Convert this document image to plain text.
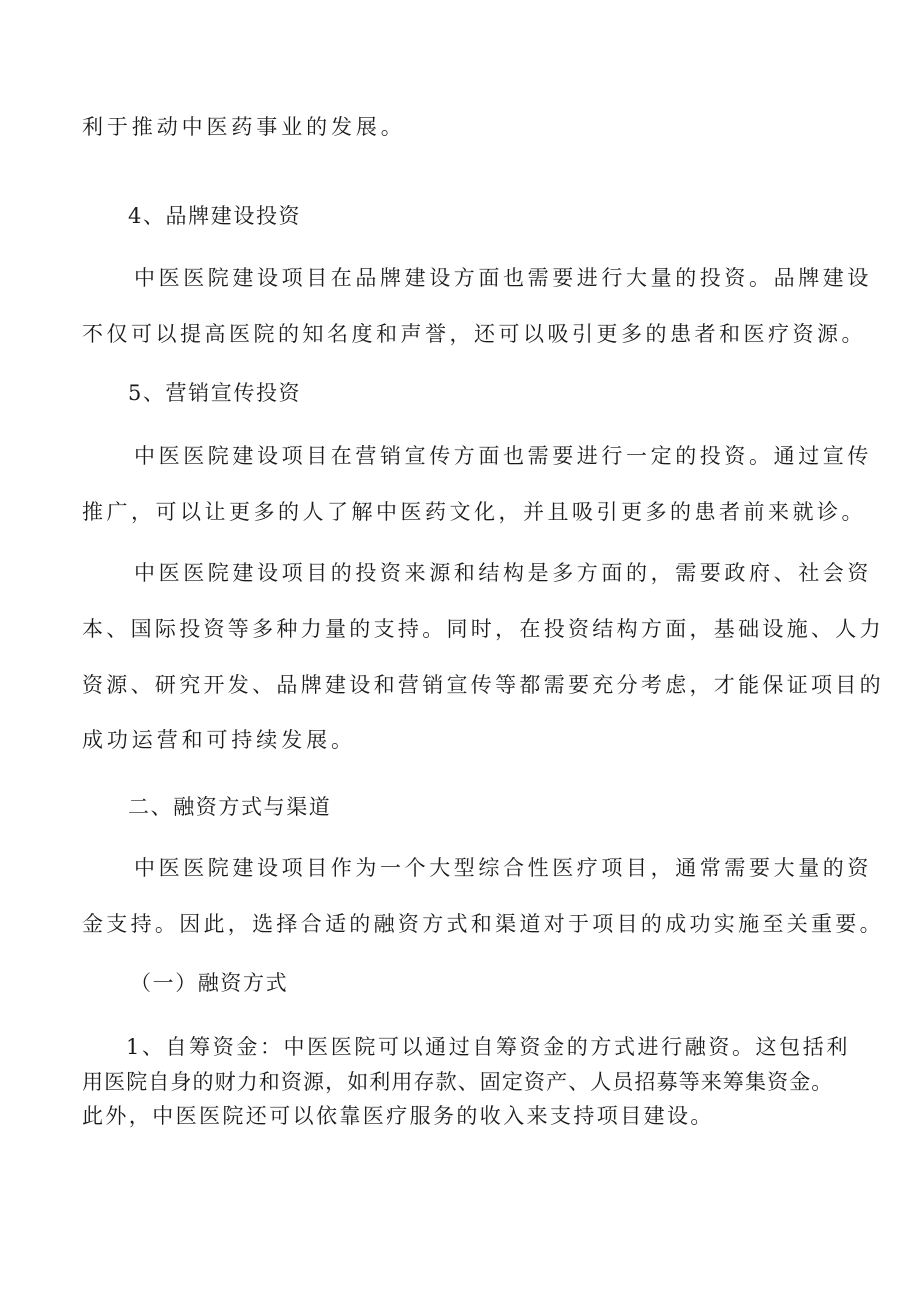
利于推动中医药事业的发展。
4、品牌建设投资
中医医院建设项目在品牌建设方面也需要进行大量的投资。品牌建设
不仅可以提高医院的知名度和声誉，还可以吸引更多的患者和医疗资源。
5、营销宣传投资
中医医院建设项目在营销宣传方面也需要进行一定的投资。通过宣传
推广，可以让更多的人了解中医药文化，并且吸引更多的患者前来就诊。
中医医院建设项目的投资来源和结构是多方面的，需要政府、社会资
本、国际投资等多种力量的支持。同时，在投资结构方面，基础设施、人力
资源、研究开发、品牌建设和营销宣传等都需要充分考虑，才能保证项目的
成功运营和可持续发展。
二、融资方式与渠道
中医医院建设项目作为一个大型综合性医疗项目，通常需要大量的资
金支持。因此，选择合适的融资方式和渠道对于项目的成功实施至关重要。
（一）融资方式
1、自筹资金：中医医院可以通过自筹资金的方式进行融资。这包括利
用医院自身的财力和资源，如利用存款、固定资产、人员招募等来筹集资金。
此外，中医医院还可以依靠医疗服务的收入来支持项目建设。
